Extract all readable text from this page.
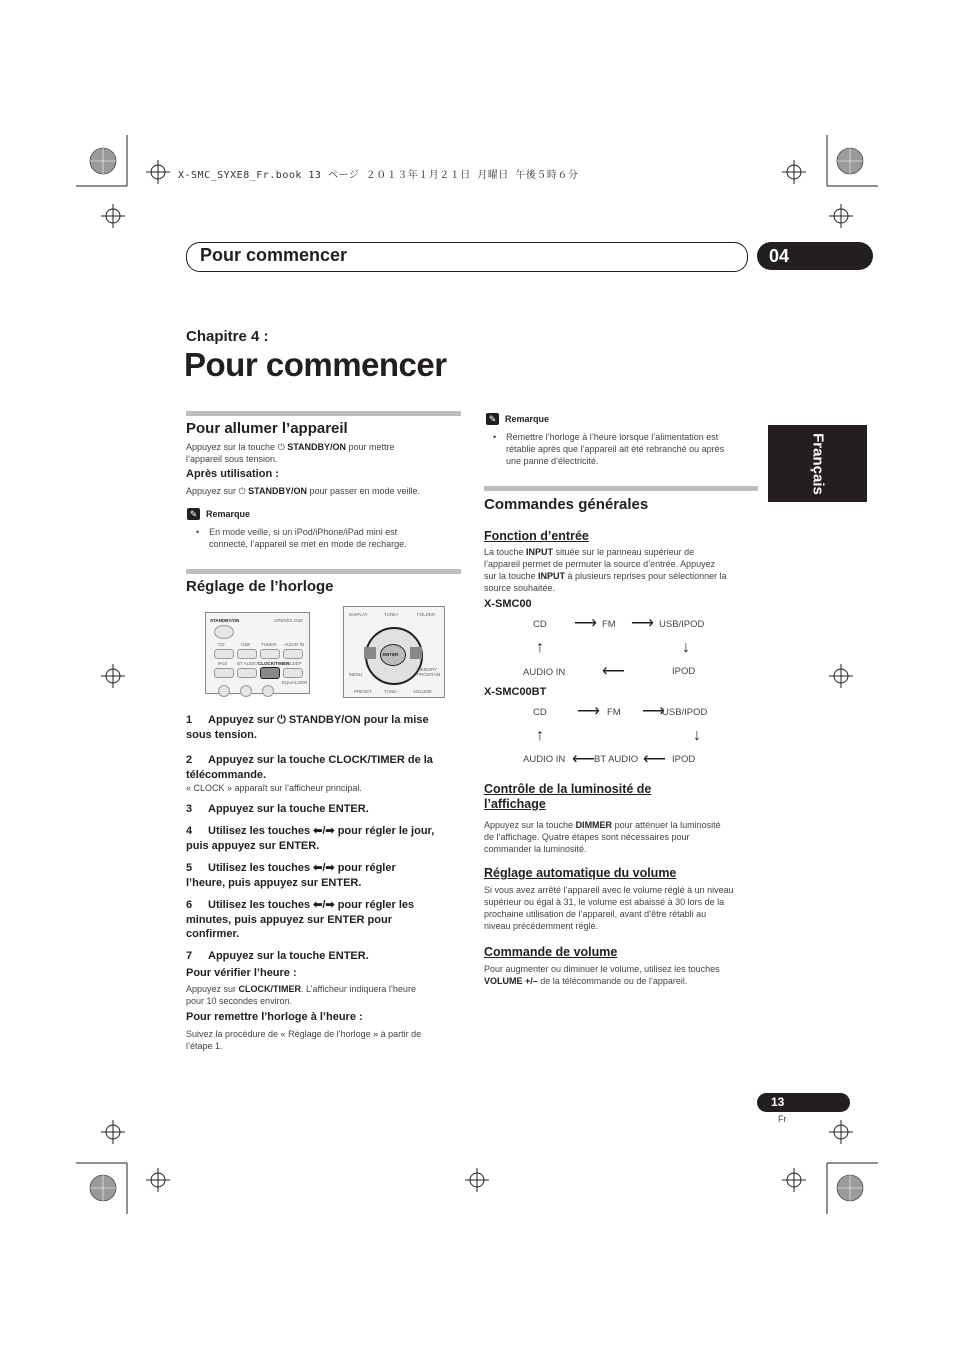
X-SMC_SYXE8_Fr.book 13 ページ ２０１３年１月２１日 月曜日 午後５時６分
Pour commencer	04
Chapitre 4 :
Pour commencer
Français
Pour allumer l’appareil
Appuyez sur la touche ⏻ STANDBY/ON pour mettre
l’appareil sous tension.
Après utilisation :
Appuyez sur ⏻ STANDBY/ON pour passer en mode veille.
✎ Remarque
•    En mode veille, si un iPod/iPhone/iPad mini est
connecté, l’appareil se met en mode de recharge.
Réglage de l’horloge
STANDBY/ON	OPEN/CLOSE
CD	USB TUNER AUDIO IN
iPod BT AUDIO CLOCK/TIMER
SLEEP
EQUALIZER
DISPLAY	TUNE+	FOLDER
ENTER
MENU
MEMORY PROGRAM
PRESET	TUNE–	VOLUME
1 Appuyez sur ⏻ STANDBY/ON pour la mise
sous tension.
2 Appuyez sur la touche CLOCK/TIMER de la
télécommande.
« CLOCK » apparaît sur l’afficheur principal.
3 Appuyez sur la touche ENTER.
4 Utilisez les touches ⬅/➡ pour régler le jour,
puis appuyez sur ENTER.
5 Utilisez les touches ⬅/➡ pour régler
l’heure, puis appuyez sur ENTER.
6 Utilisez les touches ⬅/➡ pour régler les
minutes, puis appuyez sur ENTER pour
confirmer.
7 Appuyez sur la touche ENTER.
Pour vérifier l’heure :
Appuyez sur CLOCK/TIMER. L’afficheur indiquera l’heure
pour 10 secondes environ.
Pour remettre l’horloge à l’heure :
Suivez la procédure de « Réglage de l’horloge » à partir de
l’étape 1.
✎ Remarque
•    Remettre l’horloge à l’heure lorsque l’alimentation est
rétablie après que l’appareil ait été rebranché ou après
une panne d’électricité.
Commandes générales
Fonction d’entrée
La touche INPUT située sur le panneau supérieur de
l’appareil permet de permuter la source d’entrée. Appuyez
sur la touche INPUT à plusieurs reprises pour sélectionner la
source souhaitée.
X-SMC00
CD ⟶ FM ⟶ USB/IPOD
↑	↓
AUDIO IN ⟵	IPOD
X-SMC00BT
CD ⟶ FM ⟶
USB/IPOD
↑	↓
AUDIO IN ⟵ BT AUDIO ⟵ IPOD
Contrôle de la luminosité de
l’affichage
Appuyez sur la touche DIMMER pour atténuer la luminosité
de l’affichage. Quatre étapes sont nécessaires pour
commander la luminosité.
Réglage automatique du volume
Si vous avez arrêté l’appareil avec le volume réglé à un niveau
supérieur ou égal à 31, le volume est abaissé à 30 lors de la
prochaine utilisation de l’appareil, avant d’être rétabli au
niveau précédemment réglé.
Commande de volume
Pour augmenter ou diminuer le volume, utilisez les touches
VOLUME +/– de la télécommande ou de l’appareil.
13
Fr
